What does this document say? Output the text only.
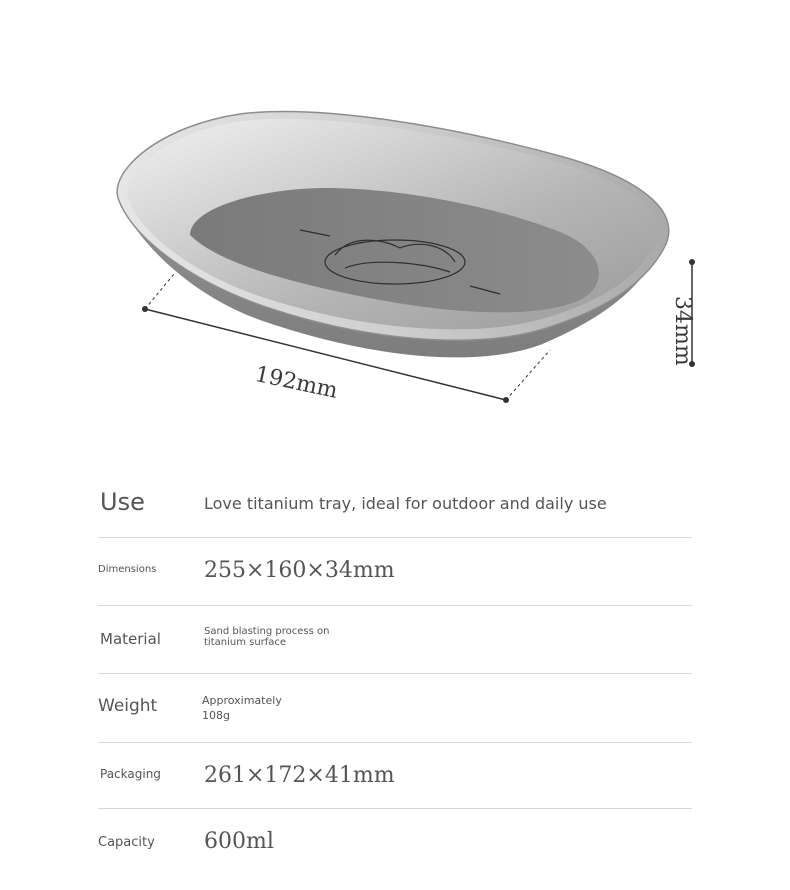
192mm
34mm
Use	Love titanium tray, ideal for outdoor and daily use
Dimensions 255×160×34mm
Material	Sand blasting process on titanium surface
Weight	Approximately 108g
Packaging 261×172×41mm
Capacity 600ml
